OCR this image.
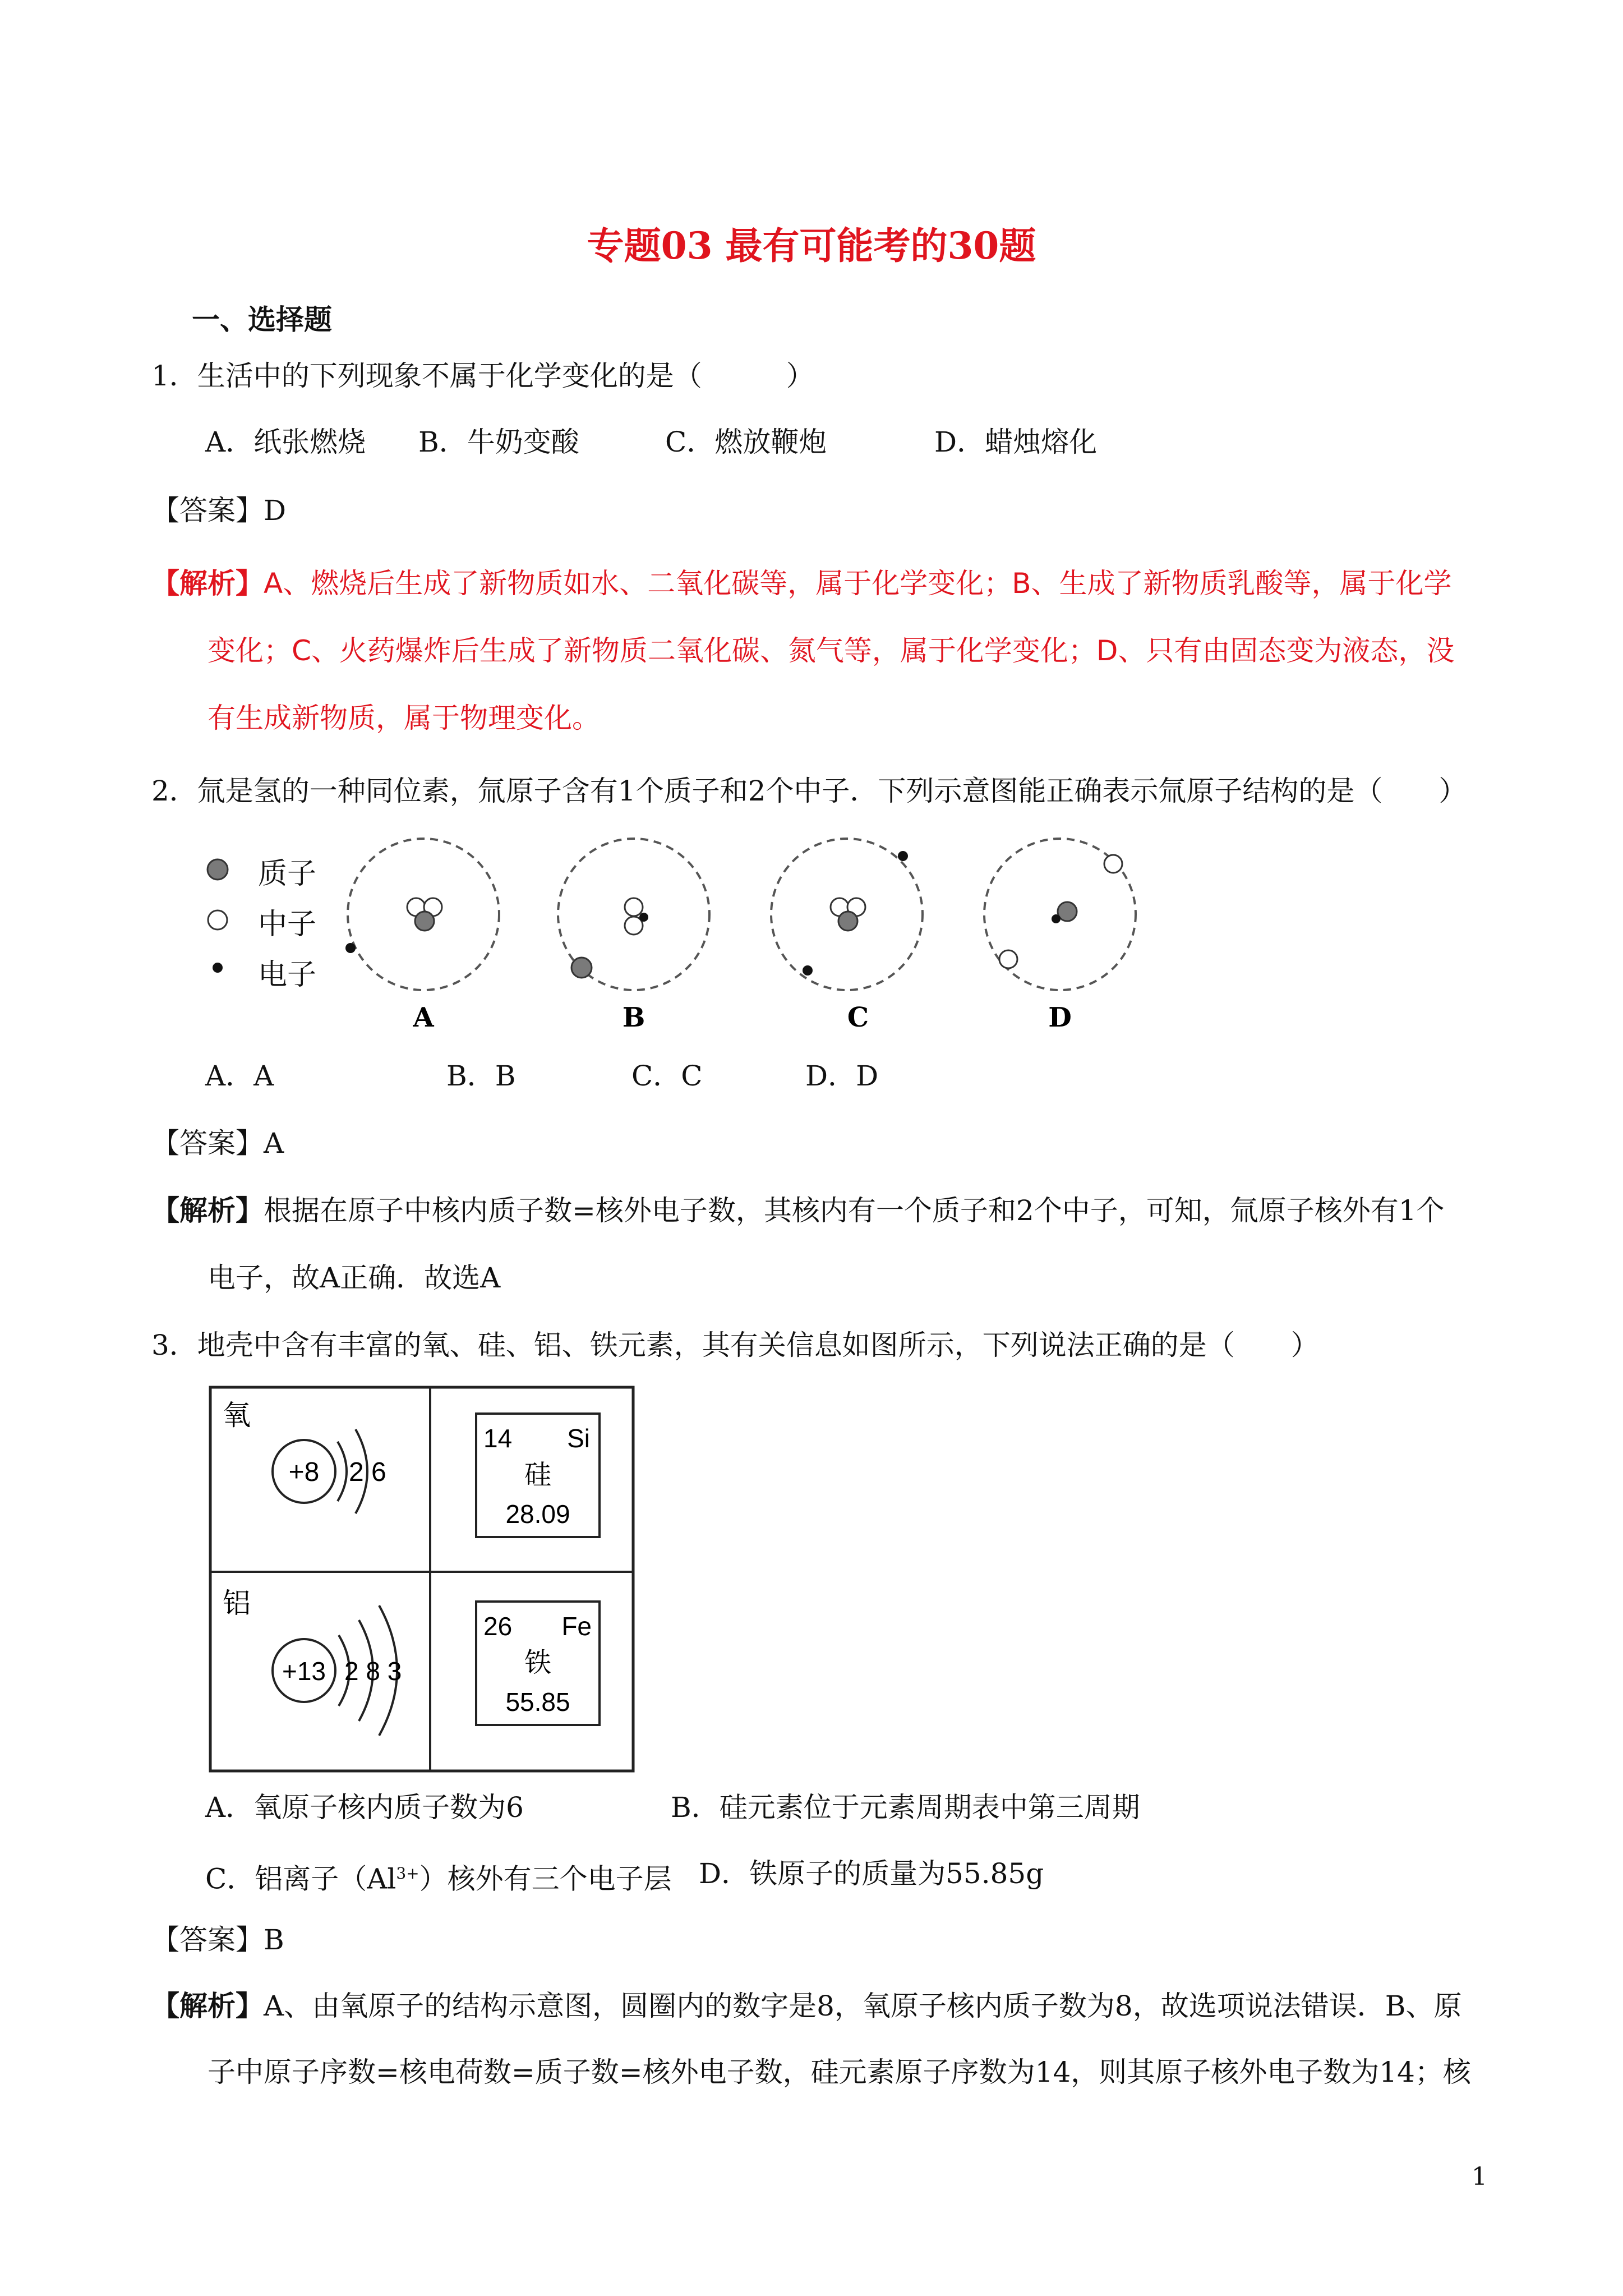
专题03 最有可能考的30题
一、选择题
1．生活中的下列现象不属于化学变化的是（　　　）
A．纸张燃烧 B．牛奶变酸	C．燃放鞭炮	D．蜡烛熔化
【答案】D
【解析】 A、燃烧后生成了新物质如水、二氧化碳等，属于化学变化；B、生成了新物质乳酸等，属于化学
变化；C、火药爆炸后生成了新物质二氧化碳、氮气等，属于化学变化；D、只有由固态变为液态，没
有生成新物质，属于物理变化。
2．氚是氢的一种同位素，氚原子含有1个质子和2个中子．下列示意图能正确表示氚原子结构的是（　　）
质子
中子
电子
A	B	C	D
A．A	B．B	C．C	D．D
【答案】A
【解析】 根据在原子中核内质子数=核外电子数，其核内有一个质子和2个中子，可知，氚原子核外有1个
电子，故A正确．故选A
3．地壳中含有丰富的氧、硅、铝、铁元素，其有关信息如图所示，下列说法正确的是（　　）
氧
+8 2 6
14 Si
硅
28.09
铝
+13 2 8 3
26 Fe
铁
55.85
A．氧原子核内质子数为6	B．硅元素位于元素周期表中第三周期
C．铝离子$(Al^{3+})$核外有三个电子层 D．铁原子的质量为55.85g
【答案】B
【解析】 A、由氧原子的结构示意图，圆圈内的数字是8，氧原子核内质子数为8，故选项说法错误．B、原
子中原子序数=核电荷数=质子数=核外电子数，硅元素原子序数为14，则其原子核外电子数为14；核
1
